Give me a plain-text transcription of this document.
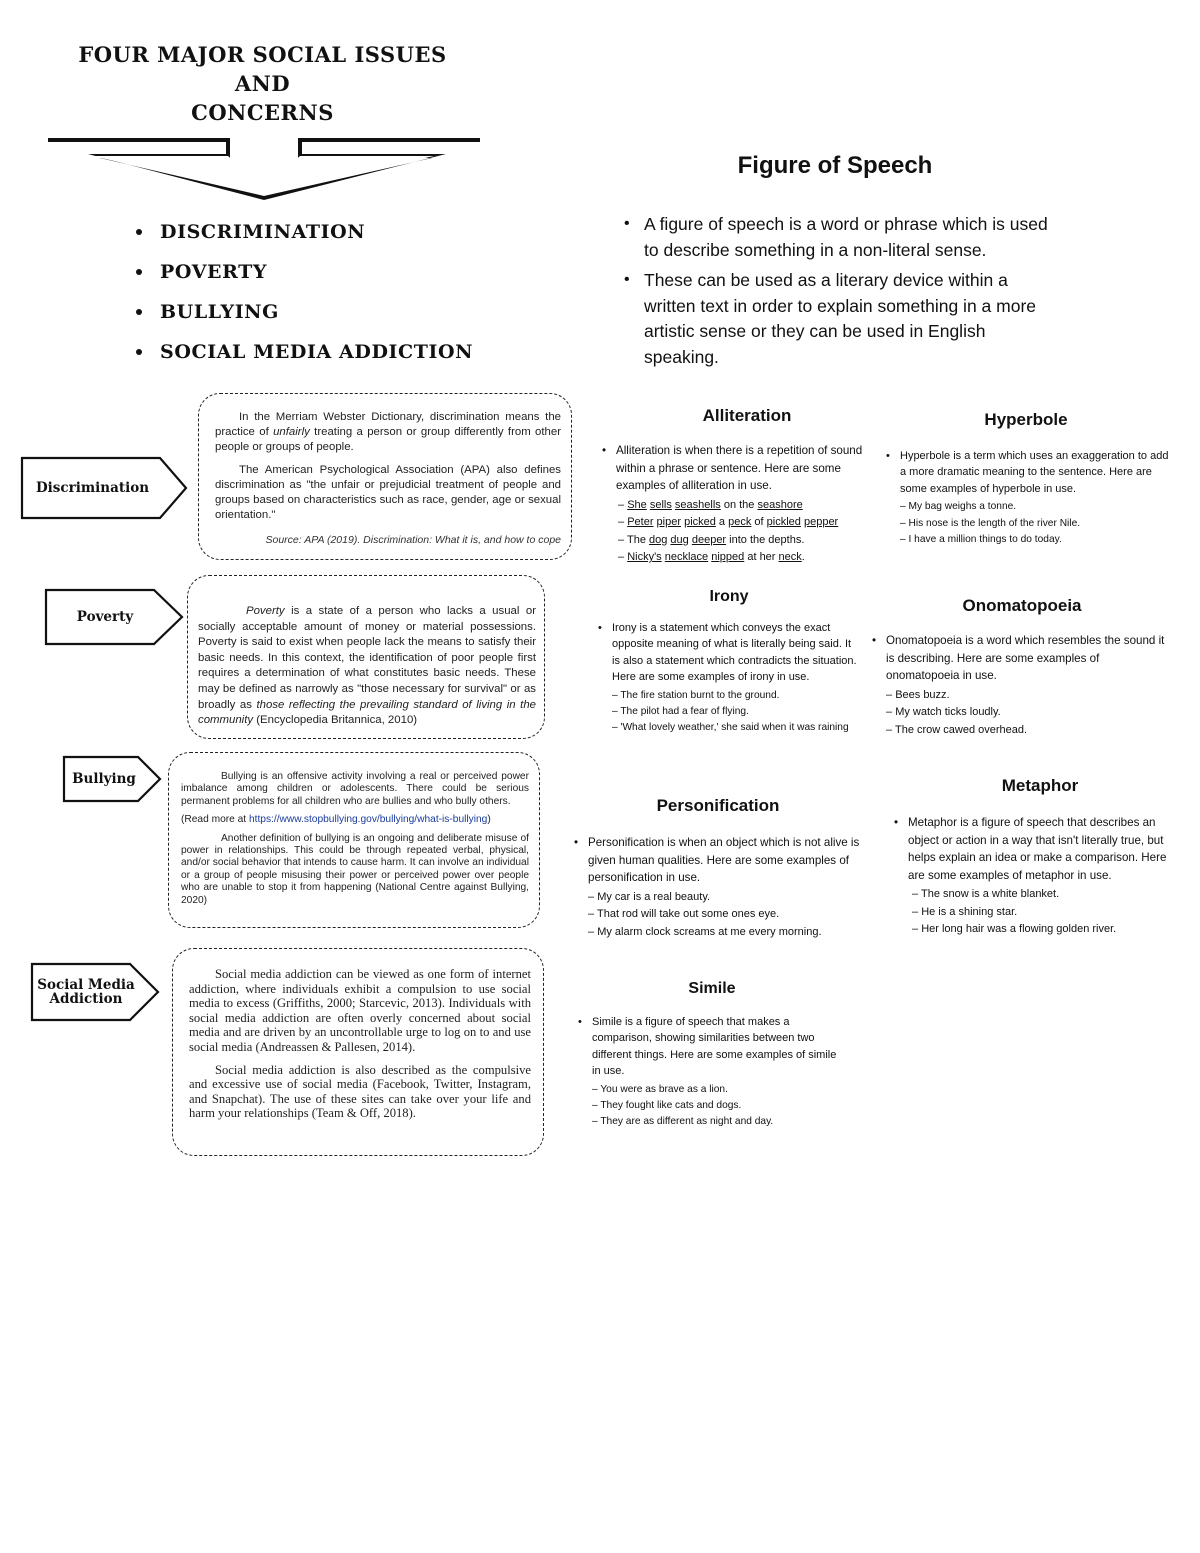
FOUR MAJOR SOCIAL ISSUES
AND
CONCERNS
DISCRIMINATION
POVERTY
BULLYING
SOCIAL MEDIA ADDICTION
Discrimination

In the Merriam Webster Dictionary, discrimination means the practice of unfairly treating a person or group differently from other people or groups of people.

The American Psychological Association (APA) also defines discrimination as "the unfair or prejudicial treatment of people and groups based on characteristics such as race, gender, age or sexual orientation."

Source: APA (2019). Discrimination: What it is, and how to cope

Poverty	Poverty is a state of a person who lacks a usual or socially acceptable amount of money or material possessions. Poverty is said to exist when people lack the means to satisfy their basic needs. In this context, the identification of poor people first requires a determination of what constitutes basic needs. These may be defined as narrowly as "those necessary for survival" or as broadly as those reflecting the prevailing standard of living in the community (Encyclopedia Britannica, 2010)

Bullying	Bullying is an offensive activity involving a real or perceived power imbalance among children or adolescents. There could be serious permanent problems for all children who are bullies and who bully others.

(Read more at https://www.stopbullying.gov/bullying/what-is-bullying)

Another definition of bullying is an ongoing and deliberate misuse of power in relationships. This could be through repeated verbal, physical, and/or social behavior that intends to cause harm. It can involve an individual or a group of people misusing their power or perceived power over people who are unable to stop it from happening (National Centre against Bullying, 2020)

Social Media
Addiction

Social media addiction can be viewed as one form of internet addiction, where individuals exhibit a compulsion to use social media to excess (Griffiths, 2000; Starcevic, 2013). Individuals with social media addiction are often overly concerned about social media and are driven by an uncontrollable urge to log on to and use social media (Andreassen & Pallesen, 2014).

Social media addiction is also described as the compulsive and excessive use of social media (Facebook, Twitter, Instagram, and Snapchat). The use of these sites can take over your life and harm your relationships (Team & Off, 2018).

Figure of Speech
• A figure of speech is a word or phrase which is used to describe something in a non-literal sense.
• These can be used as a literary device within a written text in order to explain something in a more artistic sense or they can be used in English speaking.
Alliteration

• Alliteration is when there is a repetition of sound within a phrase or sentence. Here are some examples of alliteration in use.

– She sells seashells on the seashore
– Peter piper picked a peck of pickled pepper
– The dog dug deeper into the depths.
– Nicky's necklace nipped at her neck.
Hyperbole

• Hyperbole is a term which uses an exaggeration to add a more dramatic meaning to the sentence. Here are some examples of hyperbole in use.

– My bag weighs a tonne.
– His nose is the length of the river Nile.
– I have a million things to do today.
Irony

• Irony is a statement which conveys the exact opposite meaning of what is literally being said. It is also a statement which contradicts the situation. Here are some examples of irony in use.

– The fire station burnt to the ground.
– The pilot had a fear of flying.
– 'What lovely weather,' she said when it was raining
Onomatopoeia

• Onomatopoeia is a word which resembles the sound it is describing. Here are some examples of onomatopoeia in use.

– Bees buzz.
– My watch ticks loudly.
– The crow cawed overhead.
Personification

• Personification is when an object which is not alive is given human qualities. Here are some examples of personification in use.

– My car is a real beauty.
– That rod will take out some ones eye.
– My alarm clock screams at me every morning.
Metaphor

• Metaphor is a figure of speech that describes an object or action in a way that isn't literally true, but helps explain an idea or make a comparison. Here are some examples of metaphor in use.

– The snow is a white blanket.
– He is a shining star.
– Her long hair was a flowing golden river.
Simile

• Simile is a figure of speech that makes a comparison, showing similarities between two different things. Here are some examples of simile in use.

– You were as brave as a lion.
– They fought like cats and dogs.
– They are as different as night and day.
